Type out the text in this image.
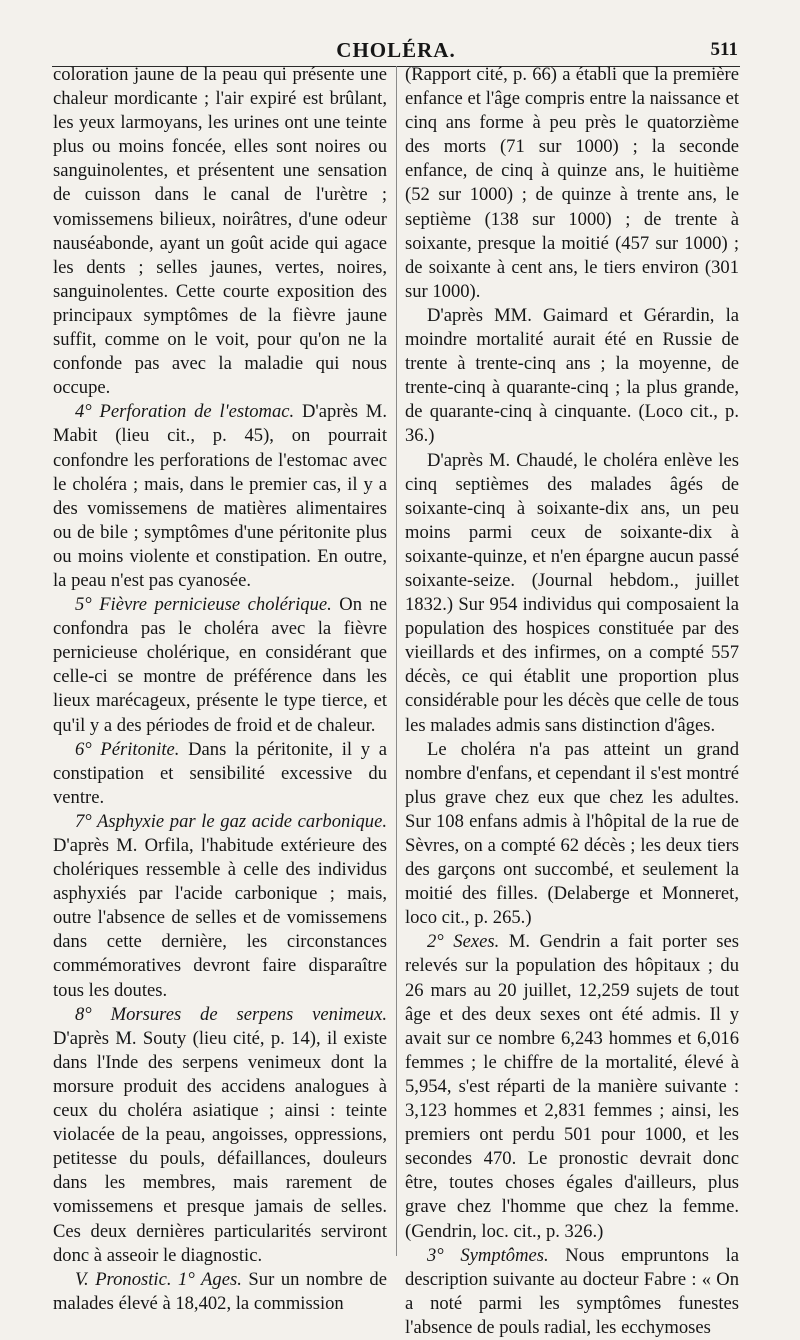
CHOLÉRA.	511

coloration jaune de la peau qui présente une chaleur mordicante ; l'air expiré est brûlant, les yeux larmoyans, les urines ont une teinte plus ou moins foncée, elles sont noires ou sanguinolentes, et présentent une sensation de cuisson dans le canal de l'urètre ; vomissemens bilieux, noirâtres, d'une odeur nauséabonde, ayant un goût acide qui agace les dents ; selles jaunes, vertes, noires, sanguinolentes. Cette courte exposition des principaux symptômes de la fièvre jaune suffit, comme on le voit, pour qu'on ne la confonde pas avec la maladie qui nous occupe.

4° Perforation de l'estomac. D'après M. Mabit (lieu cit., p. 45), on pourrait confondre les perforations de l'estomac avec le choléra ; mais, dans le premier cas, il y a des vomissemens de matières alimentaires ou de bile ; symptômes d'une péritonite plus ou moins violente et constipation. En outre, la peau n'est pas cyanosée.

5° Fièvre pernicieuse cholérique. On ne confondra pas le choléra avec la fièvre pernicieuse cholérique, en considérant que celle-ci se montre de préférence dans les lieux marécageux, présente le type tierce, et qu'il y a des périodes de froid et de chaleur.

6° Péritonite. Dans la péritonite, il y a constipation et sensibilité excessive du ventre.

7° Asphyxie par le gaz acide carbonique. D'après M. Orfila, l'habitude extérieure des cholériques ressemble à celle des individus asphyxiés par l'acide carbonique ; mais, outre l'absence de selles et de vomissemens dans cette dernière, les circonstances commémoratives devront faire disparaître tous les doutes.

8° Morsures de serpens venimeux. D'après M. Souty (lieu cité, p. 14), il existe dans l'Inde des serpens venimeux dont la morsure produit des accidens analogues à ceux du choléra asiatique ; ainsi : teinte violacée de la peau, angoisses, oppressions, petitesse du pouls, défaillances, douleurs dans les membres, mais rarement de vomissemens et presque jamais de selles. Ces deux dernières particularités serviront donc à asseoir le diagnostic.

V. Pronostic. 1° Ages. Sur un nombre de malades élevé à 18,402, la commission

(Rapport cité, p. 66) a établi que la première enfance et l'âge compris entre la naissance et cinq ans forme à peu près le quatorzième des morts (71 sur 1000) ; la seconde enfance, de cinq à quinze ans, le huitième (52 sur 1000) ; de quinze à trente ans, le septième (138 sur 1000) ; de trente à soixante, presque la moitié (457 sur 1000) ; de soixante à cent ans, le tiers environ (301 sur 1000).

D'après MM. Gaimard et Gérardin, la moindre mortalité aurait été en Russie de trente à trente-cinq ans ; la moyenne, de trente-cinq à quarante-cinq ; la plus grande, de quarante-cinq à cinquante. (Loco cit., p. 36.)

D'après M. Chaudé, le choléra enlève les cinq septièmes des malades âgés de soixante-cinq à soixante-dix ans, un peu moins parmi ceux de soixante-dix à soixante-quinze, et n'en épargne aucun passé soixante-seize. (Journal hebdom., juillet 1832.) Sur 954 individus qui composaient la population des hospices constituée par des vieillards et des infirmes, on a compté 557 décès, ce qui établit une proportion plus considérable pour les décès que celle de tous les malades admis sans distinction d'âges.

Le choléra n'a pas atteint un grand nombre d'enfans, et cependant il s'est montré plus grave chez eux que chez les adultes. Sur 108 enfans admis à l'hôpital de la rue de Sèvres, on a compté 62 décès ; les deux tiers des garçons ont succombé, et seulement la moitié des filles. (Delaberge et Monneret, loco cit., p. 265.)

2° Sexes. M. Gendrin a fait porter ses relevés sur la population des hôpitaux ; du 26 mars au 20 juillet, 12,259 sujets de tout âge et des deux sexes ont été admis. Il y avait sur ce nombre 6,243 hommes et 6,016 femmes ; le chiffre de la mortalité, élevé à 5,954, s'est réparti de la manière suivante : 3,123 hommes et 2,831 femmes ; ainsi, les premiers ont perdu 501 pour 1000, et les secondes 470. Le pronostic devrait donc être, toutes choses égales d'ailleurs, plus grave chez l'homme que chez la femme. (Gendrin, loc. cit., p. 326.)

3° Symptômes. Nous empruntons la description suivante au docteur Fabre : « On a noté parmi les symptômes funestes l'absence de pouls radial, les ecchymoses
